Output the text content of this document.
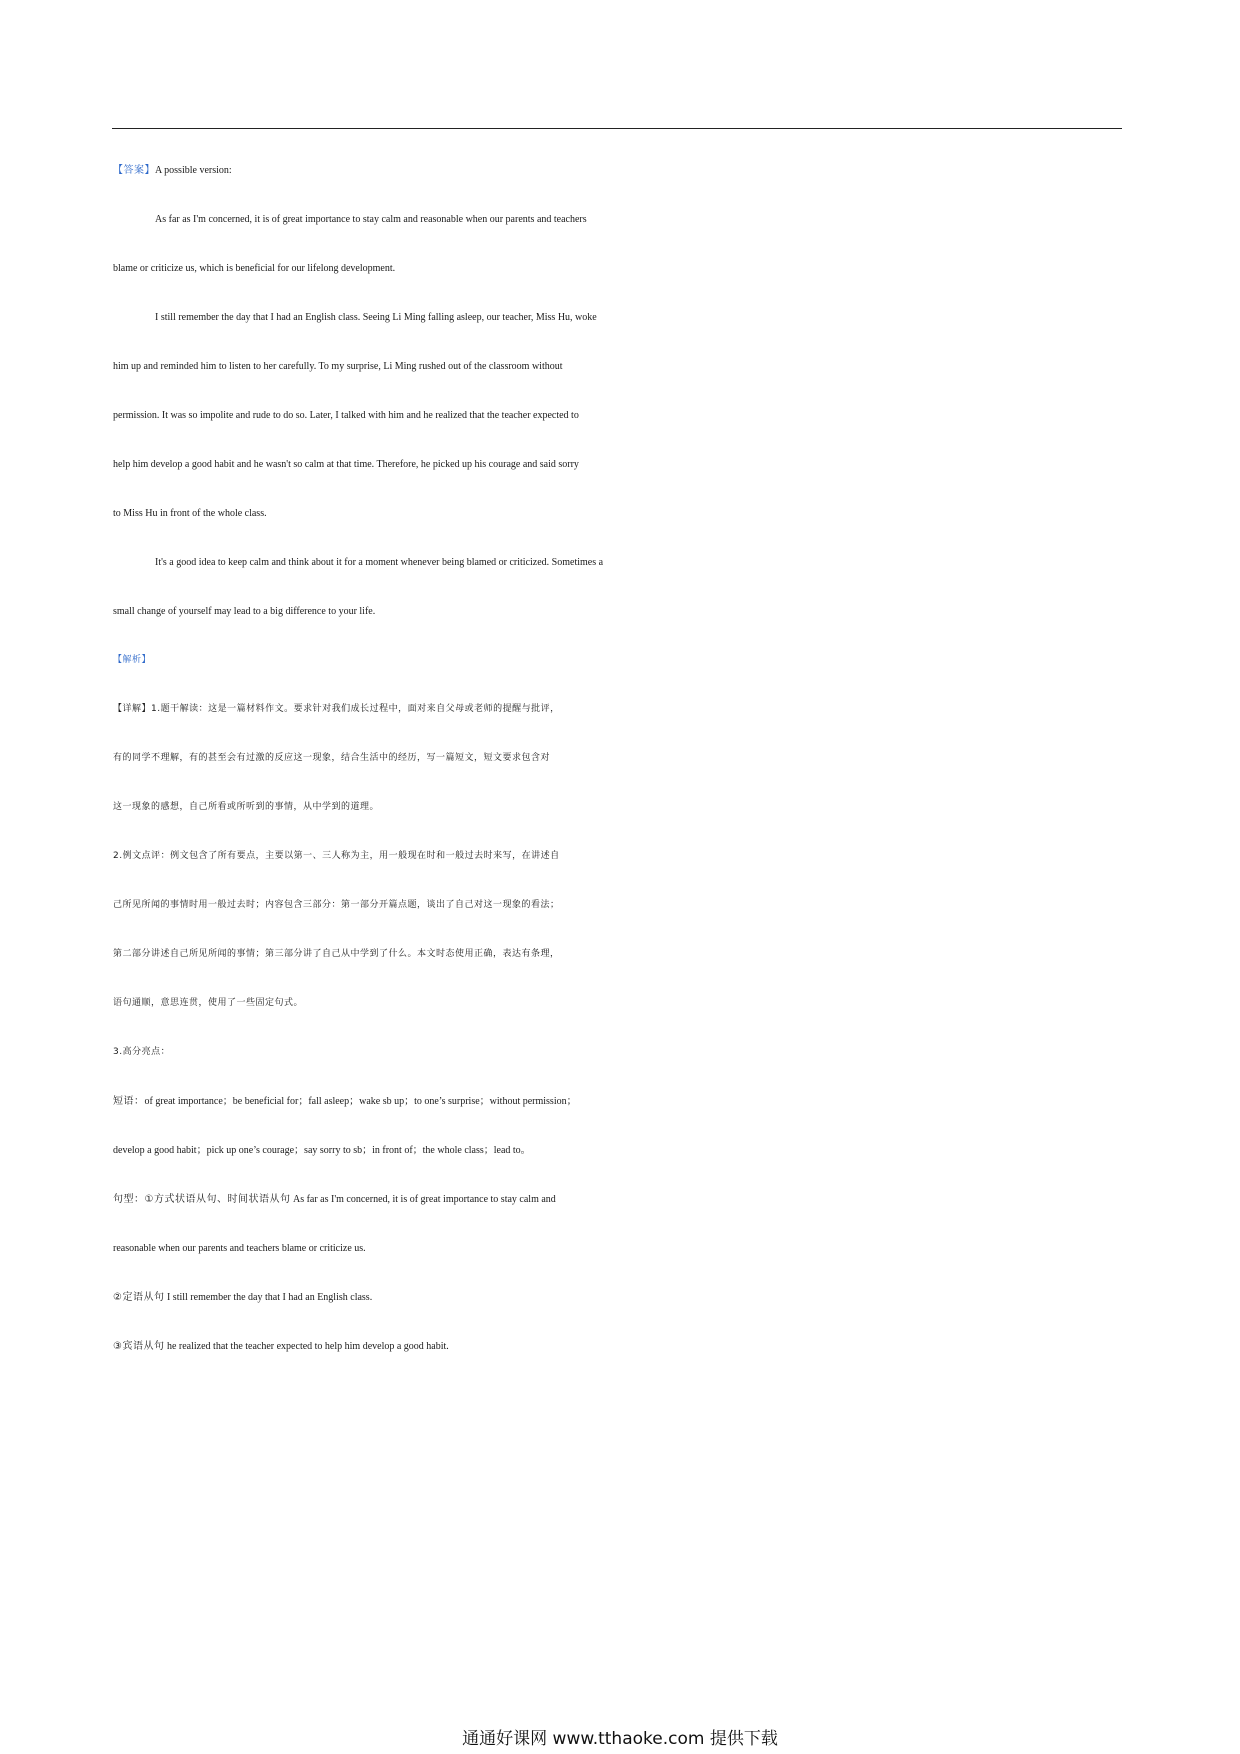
【答案】A possible version:
As far as I'm concerned, it is of great importance to stay calm and reasonable when our parents and teachers
blame or criticize us, which is beneficial for our lifelong development.
I still remember the day that I had an English class. Seeing Li Ming falling asleep, our teacher, Miss Hu, woke
him up and reminded him to listen to her carefully. To my surprise, Li Ming rushed out of the classroom without
permission. It was so impolite and rude to do so. Later, I talked with him and he realized that the teacher expected to
help him develop a good habit and he wasn't so calm at that time. Therefore, he picked up his courage and said sorry
to Miss Hu in front of the whole class.
It's a good idea to keep calm and think about it for a moment whenever being blamed or criticized. Sometimes a
small change of yourself may lead to a big difference to your life.
【解析】
【详解】1.题干解读：这是一篇材料作文。要求针对我们成长过程中，面对来自父母或老师的提醒与批评，
有的同学不理解，有的甚至会有过激的反应这一现象，结合生活中的经历，写一篇短文，短文要求包含对
这一现象的感想，自己所看或所听到的事情，从中学到的道理。
2.例文点评：例文包含了所有要点，主要以第一、三人称为主，用一般现在时和一般过去时来写，在讲述自
己所见所闻的事情时用一般过去时；内容包含三部分：第一部分开篇点题，谈出了自己对这一现象的看法；
第二部分讲述自己所见所闻的事情；第三部分讲了自己从中学到了什么。本文时态使用正确，表达有条理，
语句通顺，意思连贯，使用了一些固定句式。
3.高分亮点：
短语：of great importance；be beneficial for；fall asleep；wake sb up；to one’s surprise；without permission；
develop a good habit；pick up one’s courage；say sorry to sb；in front of；the whole class；lead to。
句型：①方式状语从句、时间状语从句 As far as I'm concerned, it is of great importance to stay calm and
reasonable when our parents and teachers blame or criticize us.
②定语从句 I still remember the day that I had an English class.
③宾语从句 he realized that the teacher expected to help him develop a good habit.
通通好课网 www.tthaoke.com 提供下载
